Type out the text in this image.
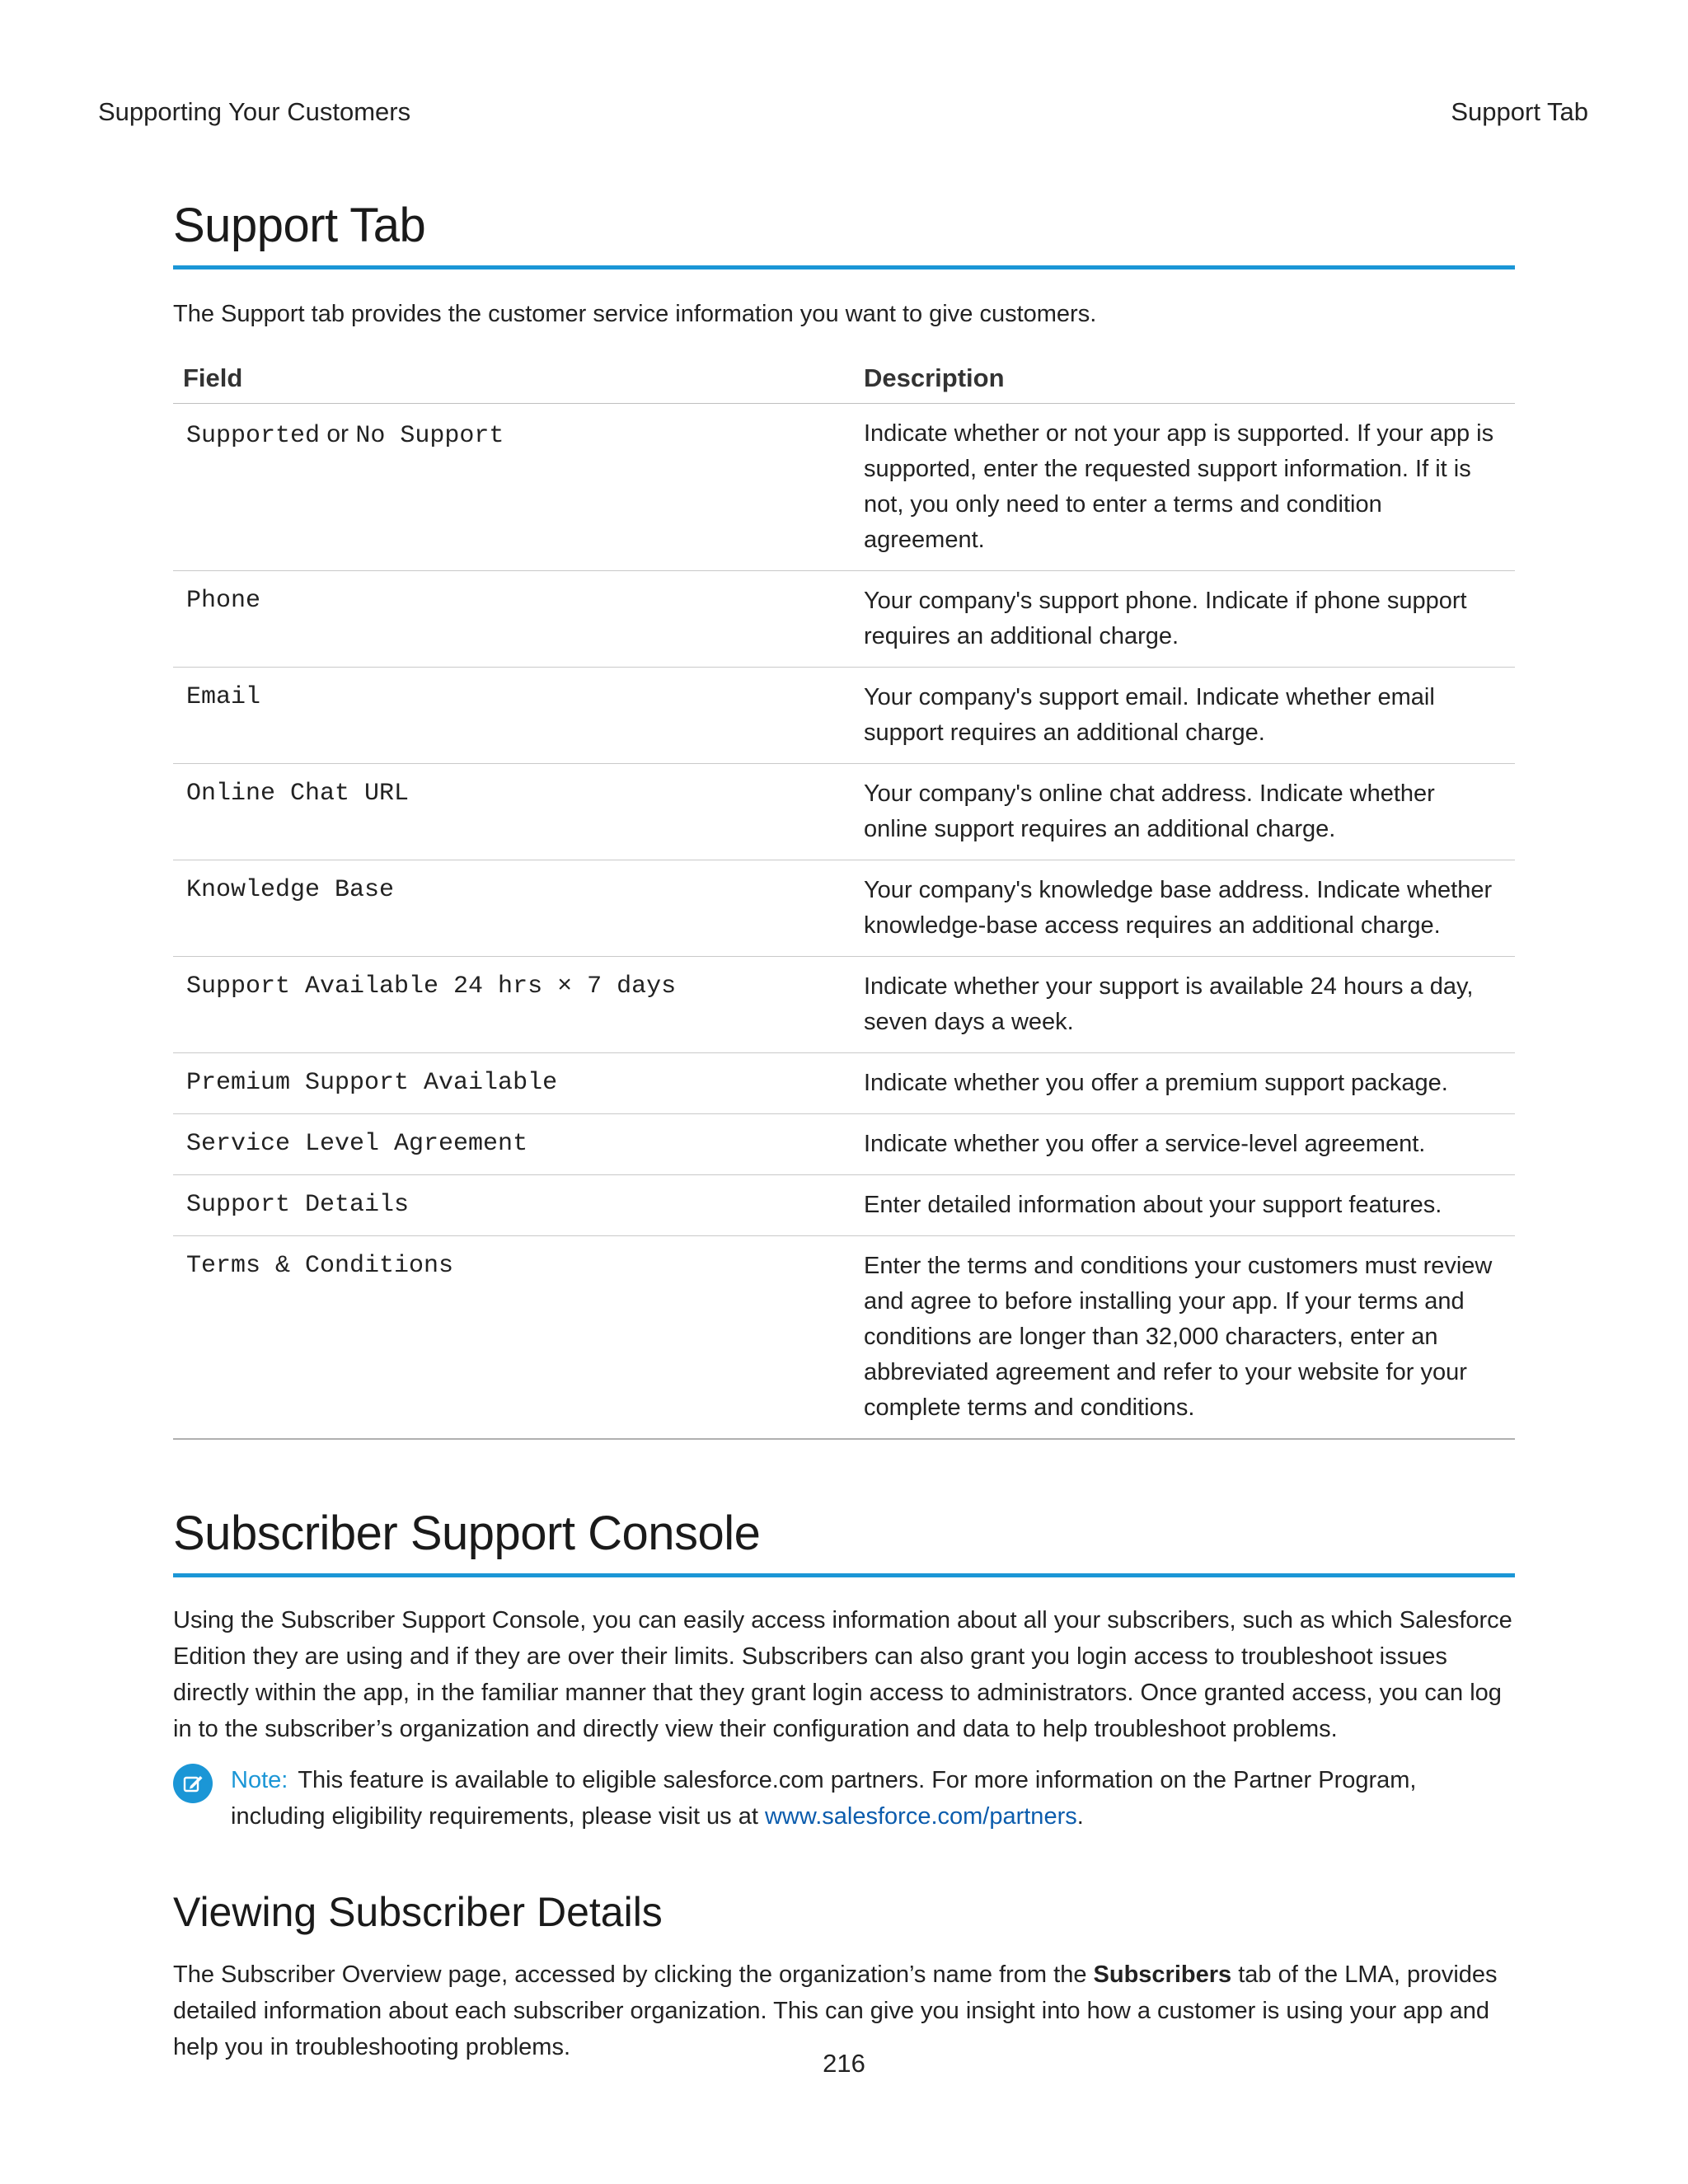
Supporting Your Customers	Support Tab
Support Tab

The Support tab provides the customer service information you want to give customers.

Field	Description
Supported or No Support	Indicate whether or not your app is supported. If your app is supported, enter the requested support information. If it is not, you only need to enter a terms and condition agreement.
Phone	Your company's support phone. Indicate if phone support requires an additional charge.
Email	Your company's support email. Indicate whether email support requires an additional charge.
Online Chat URL	Your company's online chat address. Indicate whether online support requires an additional charge.
Knowledge Base	Your company's knowledge base address. Indicate whether knowledge-base access requires an additional charge.
Support Available 24 hrs × 7 days	Indicate whether your support is available 24 hours a day, seven days a week.
Premium Support Available	Indicate whether you offer a premium support package.
Service Level Agreement	Indicate whether you offer a service-level agreement.
Support Details	Enter detailed information about your support features.
Terms & Conditions	Enter the terms and conditions your customers must review and agree to before installing your app. If your terms and conditions are longer than 32,000 characters, enter an abbreviated agreement and refer to your website for your complete terms and conditions.
Subscriber Support Console

Using the Subscriber Support Console, you can easily access information about all your subscribers, such as which Salesforce Edition they are using and if they are over their limits. Subscribers can also grant you login access to troubleshoot issues directly within the app, in the familiar manner that they grant login access to administrators. Once granted access, you can log in to the subscriber’s organization and directly view their configuration and data to help troubleshoot problems.

Note: This feature is available to eligible salesforce.com partners. For more information on the Partner Program, including eligibility requirements, please visit us at www.salesforce.com/partners.
Viewing Subscriber Details

The Subscriber Overview page, accessed by clicking the organization’s name from the Subscribers tab of the LMA, provides detailed information about each subscriber organization. This can give you insight into how a customer is using your app and help you in troubleshooting problems.

216
